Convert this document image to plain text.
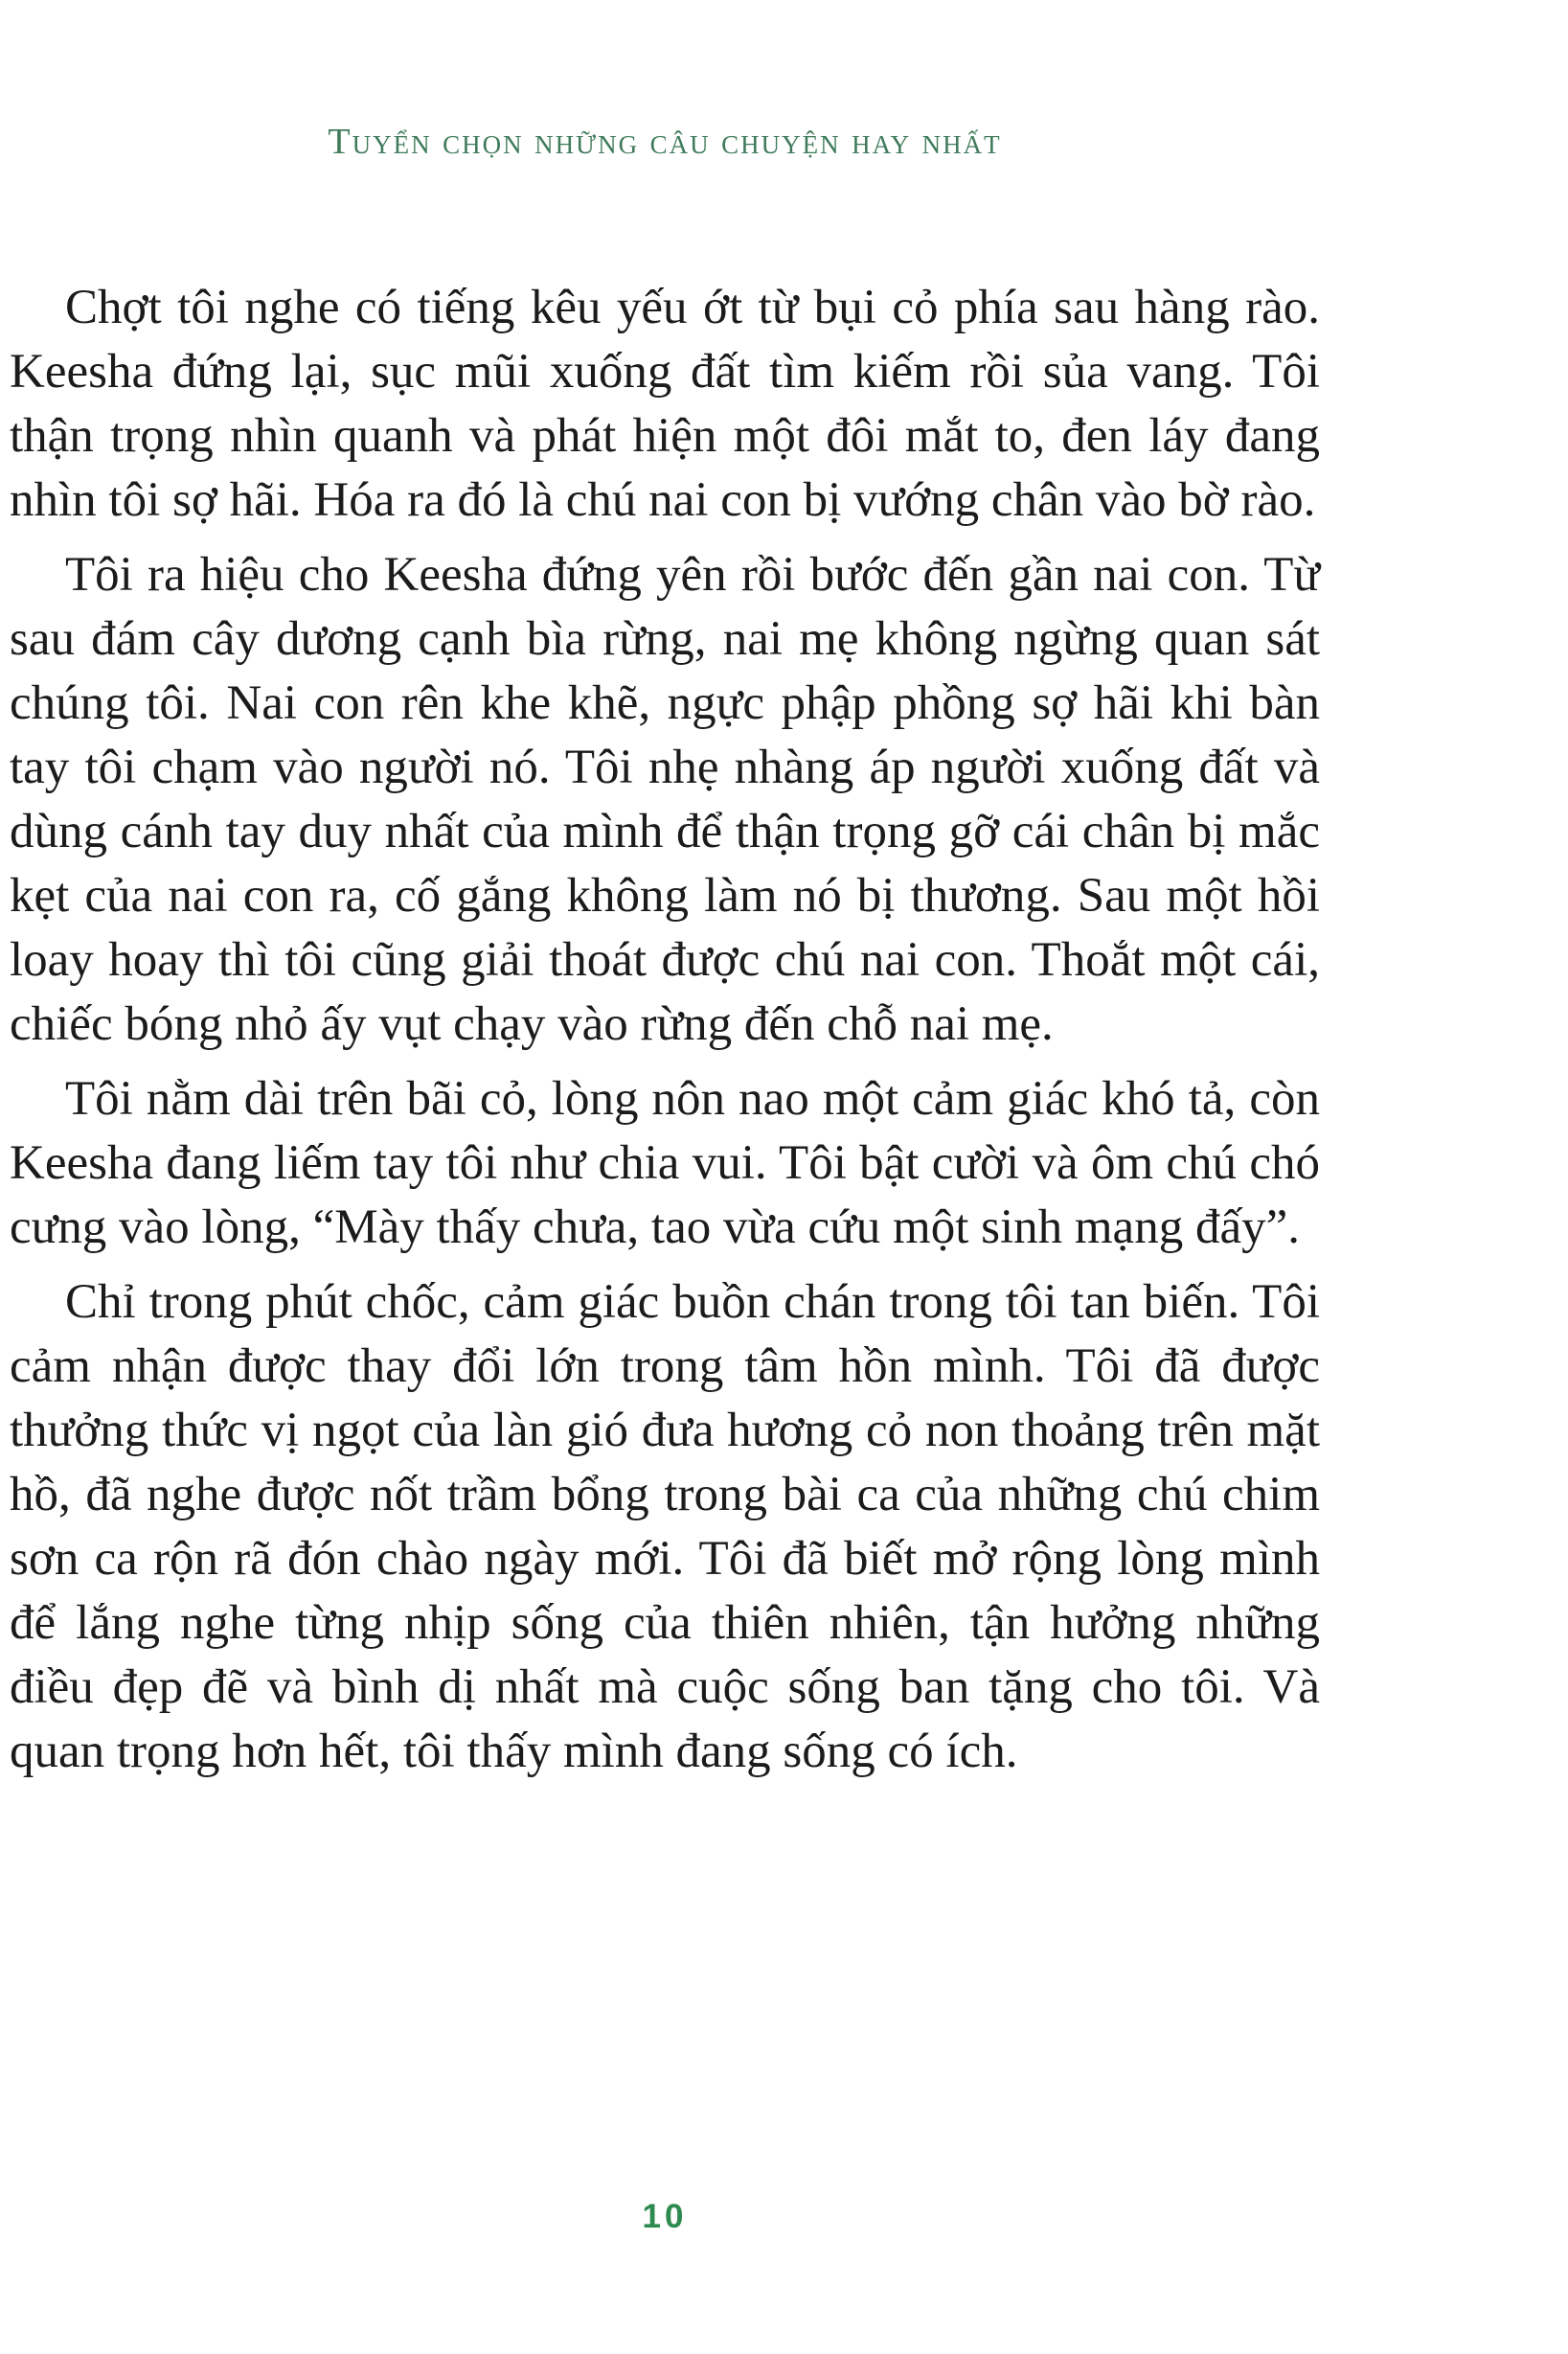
Tuyển chọn những câu chuyện hay nhất

Chợt tôi nghe có tiếng kêu yếu ớt từ bụi cỏ phía sau hàng rào. Keesha đứng lại, sục mũi xuống đất tìm kiếm rồi sủa vang. Tôi thận trọng nhìn quanh và phát hiện một đôi mắt to, đen láy đang nhìn tôi sợ hãi. Hóa ra đó là chú nai con bị vướng chân vào bờ rào.

Tôi ra hiệu cho Keesha đứng yên rồi bước đến gần nai con. Từ sau đám cây dương cạnh bìa rừng, nai mẹ không ngừng quan sát chúng tôi. Nai con rên khe khẽ, ngực phập phồng sợ hãi khi bàn tay tôi chạm vào người nó. Tôi nhẹ nhàng áp người xuống đất và dùng cánh tay duy nhất của mình để thận trọng gỡ cái chân bị mắc kẹt của nai con ra, cố gắng không làm nó bị thương. Sau một hồi loay hoay thì tôi cũng giải thoát được chú nai con. Thoắt một cái, chiếc bóng nhỏ ấy vụt chạy vào rừng đến chỗ nai mẹ.

Tôi nằm dài trên bãi cỏ, lòng nôn nao một cảm giác khó tả, còn Keesha đang liếm tay tôi như chia vui. Tôi bật cười và ôm chú chó cưng vào lòng, “Mày thấy chưa, tao vừa cứu một sinh mạng đấy”.

Chỉ trong phút chốc, cảm giác buồn chán trong tôi tan biến. Tôi cảm nhận được thay đổi lớn trong tâm hồn mình. Tôi đã được thưởng thức vị ngọt của làn gió đưa hương cỏ non thoảng trên mặt hồ, đã nghe được nốt trầm bổng trong bài ca của những chú chim sơn ca rộn rã đón chào ngày mới. Tôi đã biết mở rộng lòng mình để lắng nghe từng nhịp sống của thiên nhiên, tận hưởng những điều đẹp đẽ và bình dị nhất mà cuộc sống ban tặng cho tôi. Và quan trọng hơn hết, tôi thấy mình đang sống có ích.

10
